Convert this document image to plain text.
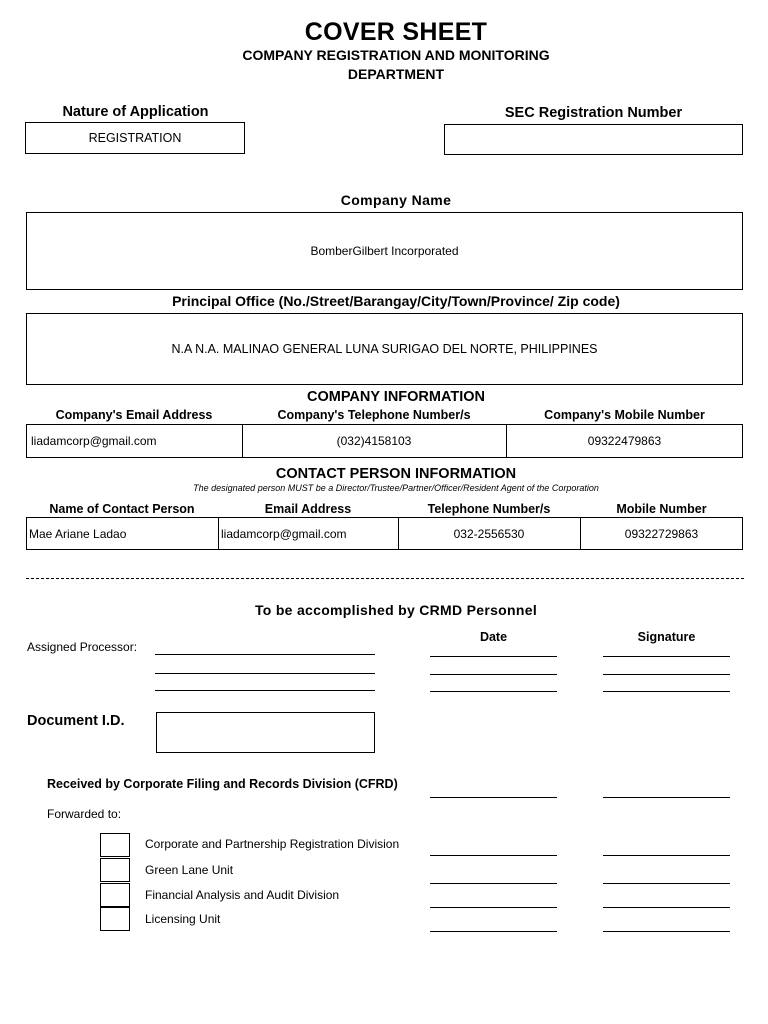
COVER SHEET
COMPANY REGISTRATION AND MONITORING
DEPARTMENT
Nature of Application
REGISTRATION
SEC Registration Number
Company Name
BomberGilbert Incorporated
Principal Office (No./Street/Barangay/City/Town/Province/ Zip code)
N.A N.A. MALINAO GENERAL LUNA SURIGAO DEL NORTE, PHILIPPINES
COMPANY INFORMATION
Company's Email Address	Company's Telephone Number/s	Company's Mobile Number
liadamcorp@gmail.com	(032)4158103	09322479863
CONTACT PERSON INFORMATION
The designated person MUST be a Director/Trustee/Partner/Officer/Resident Agent of the Corporation
Name of Contact Person	Email Address	Telephone Number/s	Mobile Number
Mae Ariane Ladao	liadamcorp@gmail.com	032-2556530	09322729863
To be accomplished by CRMD Personnel
Date	Signature
Assigned Processor:
Document I.D.
Received by Corporate Filing and Records Division (CFRD)
Forwarded to:
Corporate and Partnership Registration Division
Green Lane Unit
Financial Analysis and Audit Division
Licensing Unit
